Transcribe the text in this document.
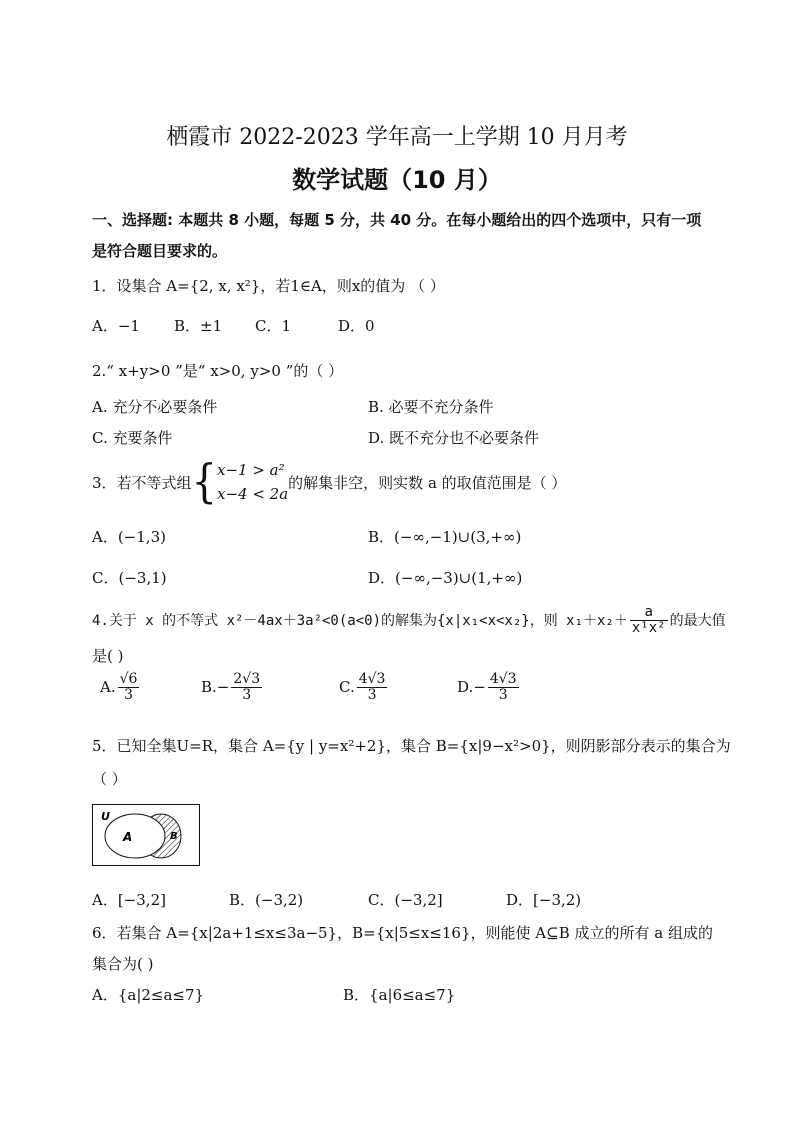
栖霞市 2022-2023 学年高一上学期 10 月月考
数学试题（10 月）
一、选择题: 本题共 8 小题，每题 5 分，共 40 分。在每小题给出的四个选项中，只有一项
是符合题目要求的。
1．设集合 A={2, x, x²}，若1∈A，则x的值为 （ ）
A．−1 B．±1 C．1	D．0
2.“ x+y>0 ”是“ x>0, y>0 ”的（ ）
A. 充分不必要条件	B. 必要不充分条件
C. 充要条件	D. 既不充分也不必要条件
3．若不等式组 { x−1 > a²
x−4 < 2a
的解集非空，则实数 a 的取值范围是（ ）
A．(−1,3)	B．(−∞,−1)∪(3,+∞)
C．(−3,1)	D．(−∞,−3)∪(1,+∞)
4.关于 x 的不等式 x²－4ax＋3a²<0(a<0)的解集为{x|x₁<x<x₂}，则 $x_1+x_2+ \frac{a}{\text{x¹x²}}$ 的最大值
是( )
A. $\frac{√6}{3}$	$B.- \frac{2√3}{3}$	C. $\frac{4√3}{3}$	$D.- \frac{4√3}{3}$
5．已知全集U=R，集合 A={y | y=x²+2}，集合 B={x|9−x²>0}，则阴影部分表示的集合为
（ ）
U
A	B
A．[−3,2]	B．(−3,2)	C．(−3,2]	D．[−3,2)
6．若集合 A={x|2a+1≤x≤3a−5}，B={x|5≤x≤16}，则能使 A⊆B 成立的所有 a 组成的
集合为( )
A．{a|2≤a≤7}	B．{a|6≤a≤7}
